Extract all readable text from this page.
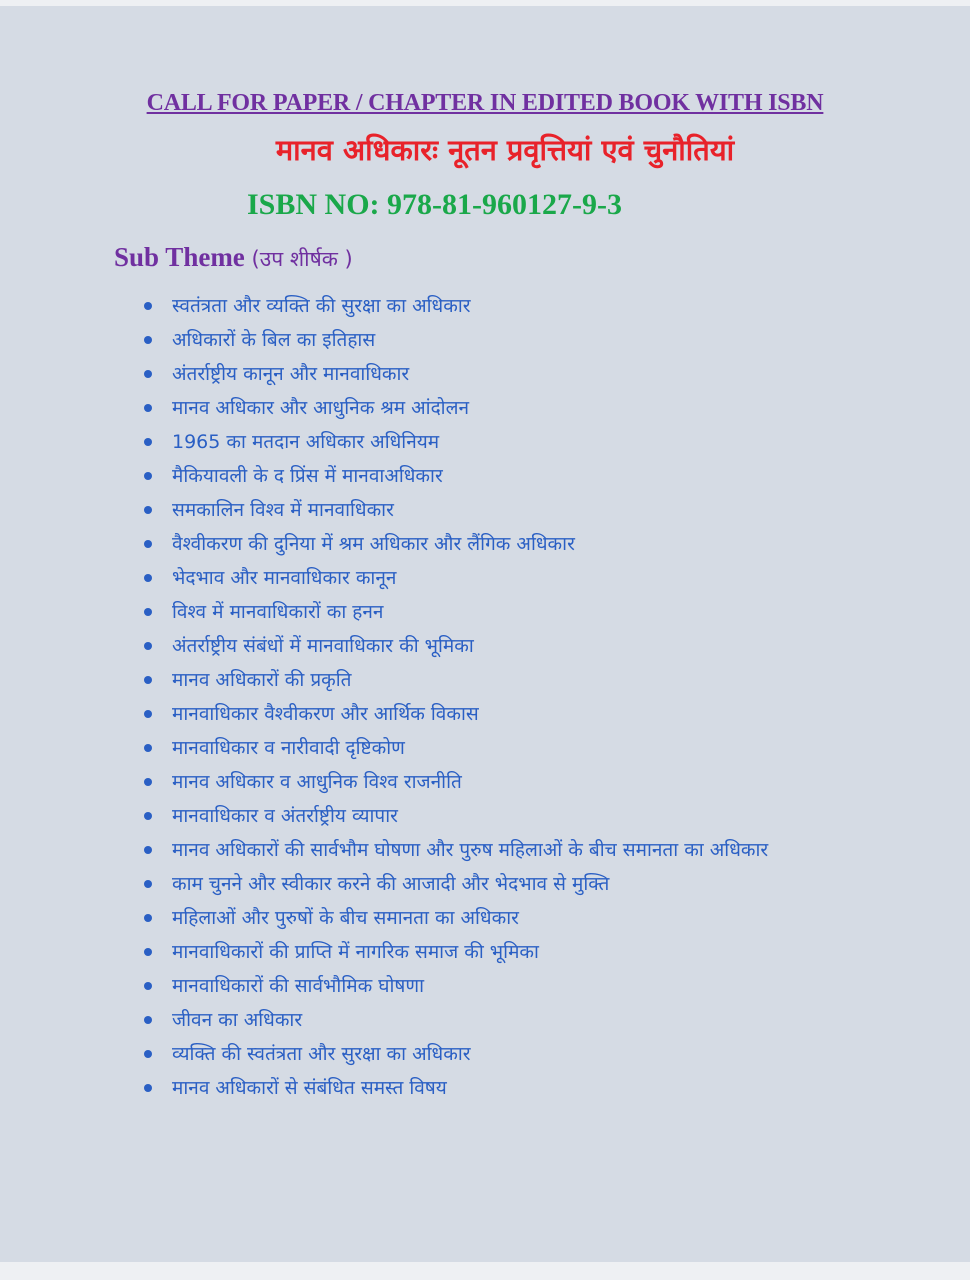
CALL FOR PAPER / CHAPTER IN EDITED BOOK WITH ISBN
मानव अधिकारः नूतन प्रवृत्तियां एवं चुनौतियां
ISBN NO: 978-81-960127-9-3
Sub Theme (उप शीर्षक )
स्वतंत्रता और व्यक्ति की सुरक्षा का अधिकार
अधिकारों के बिल का इतिहास
अंतर्राष्ट्रीय कानून और मानवाधिकार
मानव अधिकार और आधुनिक श्रम आंदोलन
1965 का मतदान अधिकार अधिनियम
मैकियावली के द प्रिंस में मानवाअधिकार
समकालिन विश्व में मानवाधिकार
वैश्वीकरण की दुनिया में श्रम अधिकार और लैंगिक अधिकार
भेदभाव और मानवाधिकार कानून
विश्व में मानवाधिकारों का हनन
अंतर्राष्ट्रीय संबंधों में मानवाधिकार की भूमिका
मानव अधिकारों की प्रकृति
मानवाधिकार वैश्वीकरण और आर्थिक विकास
मानवाधिकार व नारीवादी दृष्टिकोण
मानव अधिकार व आधुनिक विश्व राजनीति
मानवाधिकार व अंतर्राष्ट्रीय व्यापार
मानव अधिकारों की सार्वभौम घोषणा और पुरुष महिलाओं के बीच समानता का अधिकार
काम चुनने और स्वीकार करने की आजादी और भेदभाव से मुक्ति
महिलाओं और पुरुषों के बीच समानता का अधिकार
मानवाधिकारों की प्राप्ति में नागरिक समाज की भूमिका
मानवाधिकारों की सार्वभौमिक घोषणा
जीवन का अधिकार
व्यक्ति की स्वतंत्रता और सुरक्षा का अधिकार
मानव अधिकारों से संबंधित समस्त विषय
